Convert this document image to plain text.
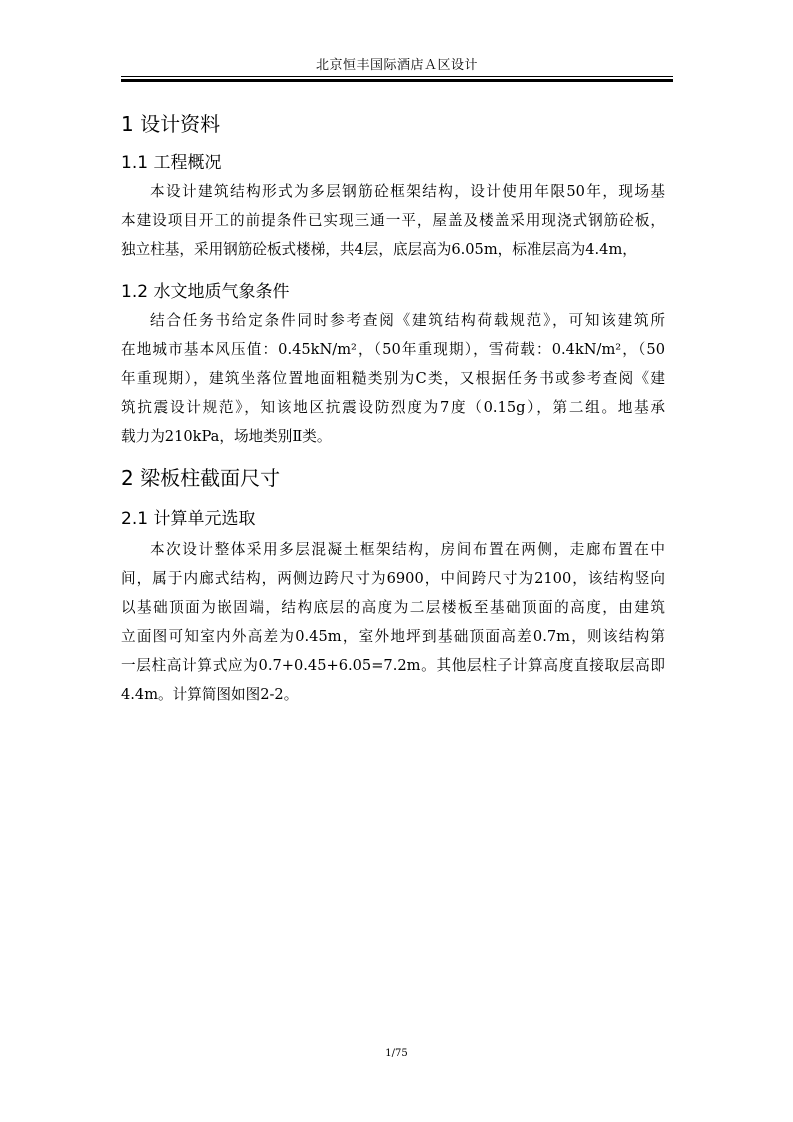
北京恒丰国际酒店Ａ区设计
1 设计资料
1.1 工程概况
本设计建筑结构形式为多层钢筋砼框架结构，设计使用年限50年，现场基
本建设项目开工的前提条件已实现三通一平，屋盖及楼盖采用现浇式钢筋砼板，
独立柱基，采用钢筋砼板式楼梯，共4层，底层高为6.05m，标准层高为4.4m，
1.2 水文地质气象条件
结合任务书给定条件同时参考查阅《建筑结构荷载规范》，可知该建筑所
在地城市基本风压值：0.45kN/m²，（50年重现期），雪荷载：0.4kN/m²，（50
年重现期），建筑坐落位置地面粗糙类别为C类，又根据任务书或参考查阅《建
筑抗震设计规范》，知该地区抗震设防烈度为7度（0.15g），第二组。地基承
载力为210kPa，场地类别Ⅱ类。
2 梁板柱截面尺寸
2.1 计算单元选取
本次设计整体采用多层混凝土框架结构，房间布置在两侧，走廊布置在中
间，属于内廊式结构，两侧边跨尺寸为6900，中间跨尺寸为2100，该结构竖向
以基础顶面为嵌固端，结构底层的高度为二层楼板至基础顶面的高度，由建筑
立面图可知室内外高差为0.45m，室外地坪到基础顶面高差0.7m，则该结构第
一层柱高计算式应为0.7+0.45+6.05=7.2m。其他层柱子计算高度直接取层高即
4.4m。计算简图如图2-2。
1/75
